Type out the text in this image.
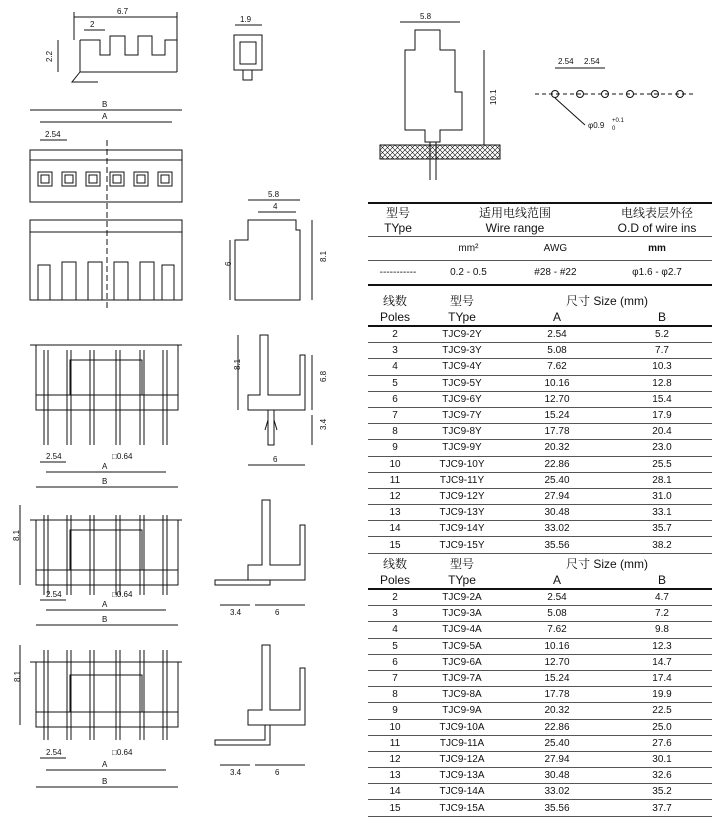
6.7
2
2.2
1.9	5.8
10.1
2.54 2.54
φ0.9 +0.1
0
B
A
2.54
5.8
4
6
8.1
2.54	□0.64
A
B
8.1
6.8
3.4
6
8.1
2.54	□0.64
A
B
3.4	6
8.1
2.54	□0.64
A
B
3.4	6
型号	适用电线范围		电线表层外径
TYpe	Wire range		O.D of wire ins
	mm²	AWG	mm
-----------	0.2 - 0.5	#28 - #22	φ1.6 - φ2.7
线数	型号	尺寸 Size (mm)	
Poles	TYpe	A	B
2	TJC9-2Y	2.54	5.2
3	TJC9-3Y	5.08	7.7
4	TJC9-4Y	7.62	10.3
5	TJC9-5Y	10.16	12.8
6	TJC9-6Y	12.70	15.4
7	TJC9-7Y	15.24	17.9
8	TJC9-8Y	17.78	20.4
9	TJC9-9Y	20.32	23.0
10	TJC9-10Y	22.86	25.5
11	TJC9-11Y	25.40	28.1
12	TJC9-12Y	27.94	31.0
13	TJC9-13Y	30.48	33.1
14	TJC9-14Y	33.02	35.7
15	TJC9-15Y	35.56	38.2
线数	型号	尺寸 Size (mm)	
Poles	TYpe	A	B
2	TJC9-2A	2.54	4.7
3	TJC9-3A	5.08	7.2
4	TJC9-4A	7.62	9.8
5	TJC9-5A	10.16	12.3
6	TJC9-6A	12.70	14.7
7	TJC9-7A	15.24	17.4
8	TJC9-8A	17.78	19.9
9	TJC9-9A	20.32	22.5
10	TJC9-10A	22.86	25.0
11	TJC9-11A	25.40	27.6
12	TJC9-12A	27.94	30.1
13	TJC9-13A	30.48	32.6
14	TJC9-14A	33.02	35.2
15	TJC9-15A	35.56	37.7
